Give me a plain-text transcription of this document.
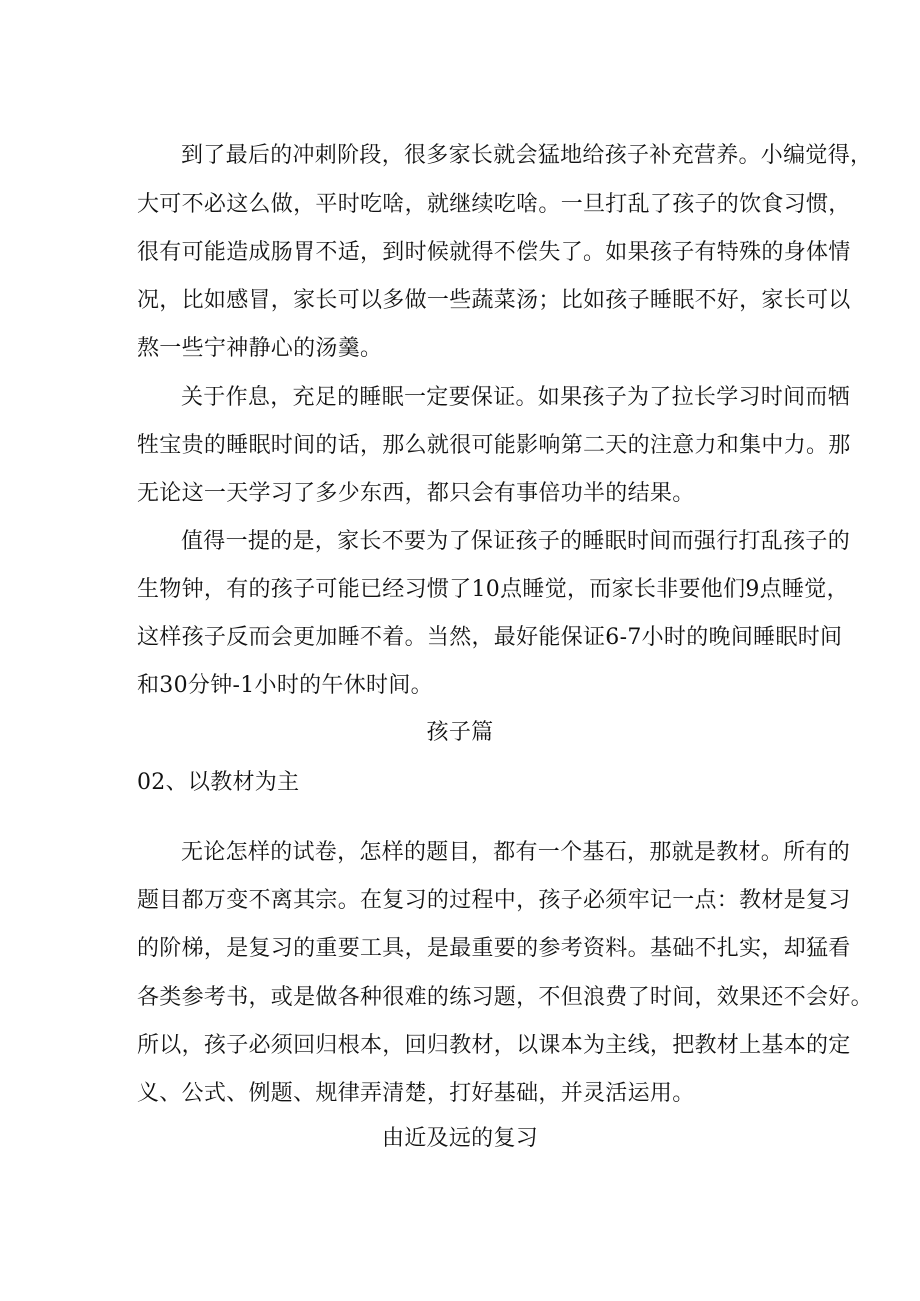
到了最后的冲刺阶段，很多家长就会猛地给孩子补充营养。小编觉得，
大可不必这么做，平时吃啥，就继续吃啥。一旦打乱了孩子的饮食习惯，
很有可能造成肠胃不适，到时候就得不偿失了。如果孩子有特殊的身体情
况，比如感冒，家长可以多做一些蔬菜汤；比如孩子睡眠不好，家长可以
熬一些宁神静心的汤羹。
关于作息，充足的睡眠一定要保证。如果孩子为了拉长学习时间而牺
牲宝贵的睡眠时间的话，那么就很可能影响第二天的注意力和集中力。那
无论这一天学习了多少东西，都只会有事倍功半的结果。
值得一提的是，家长不要为了保证孩子的睡眠时间而强行打乱孩子的
生物钟，有的孩子可能已经习惯了10点睡觉，而家长非要他们9点睡觉，
这样孩子反而会更加睡不着。当然，最好能保证6-7小时的晚间睡眠时间
和30分钟-1小时的午休时间。
孩子篇
02、以教材为主
无论怎样的试卷，怎样的题目，都有一个基石，那就是教材。所有的
题目都万变不离其宗。在复习的过程中，孩子必须牢记一点：教材是复习
的阶梯，是复习的重要工具，是最重要的参考资料。基础不扎实，却猛看
各类参考书，或是做各种很难的练习题，不但浪费了时间，效果还不会好。
所以，孩子必须回归根本，回归教材，以课本为主线，把教材上基本的定
义、公式、例题、规律弄清楚，打好基础，并灵活运用。
由近及远的复习
